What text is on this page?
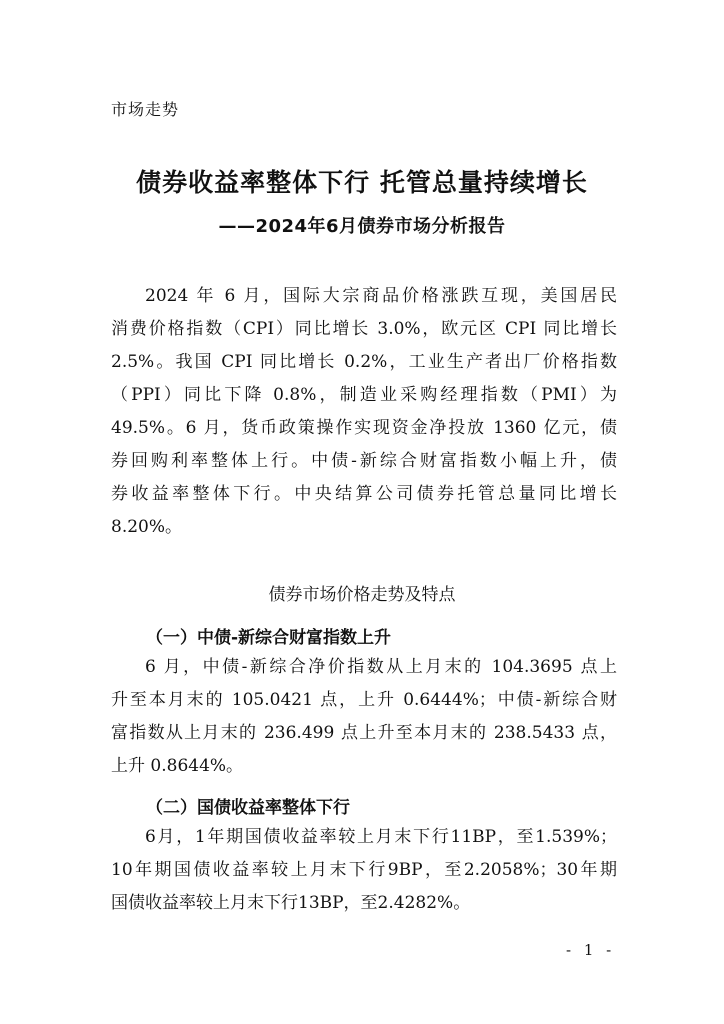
市场走势
债券收益率整体下行 托管总量持续增长
——2024年6月债券市场分析报告
2024 年 6 月，国际大宗商品价格涨跌互现，美国居民
消费价格指数（CPI）同比增长 3.0%，欧元区 CPI 同比增长
2.5%。我国 CPI 同比增长 0.2%，工业生产者出厂价格指数
（PPI）同比下降 0.8%，制造业采购经理指数（PMI）为
49.5%。6 月，货币政策操作实现资金净投放 1360 亿元，债
券回购利率整体上行。中债-新综合财富指数小幅上升，债
券收益率整体下行。中央结算公司债券托管总量同比增长
8.20%。
债券市场价格走势及特点
（一）中债-新综合财富指数上升
6 月，中债-新综合净价指数从上月末的 104.3695 点上
升至本月末的 105.0421 点，上升 0.6444%；中债-新综合财
富指数从上月末的 236.499 点上升至本月末的 238.5433 点，
上升 0.8644%。
（二）国债收益率整体下行
6月，1年期国债收益率较上月末下行11BP，至1.539%；
10年期国债收益率较上月末下行9BP，至2.2058%；30年期
国债收益率较上月末下行13BP，至2.4282%。
- 1 -
